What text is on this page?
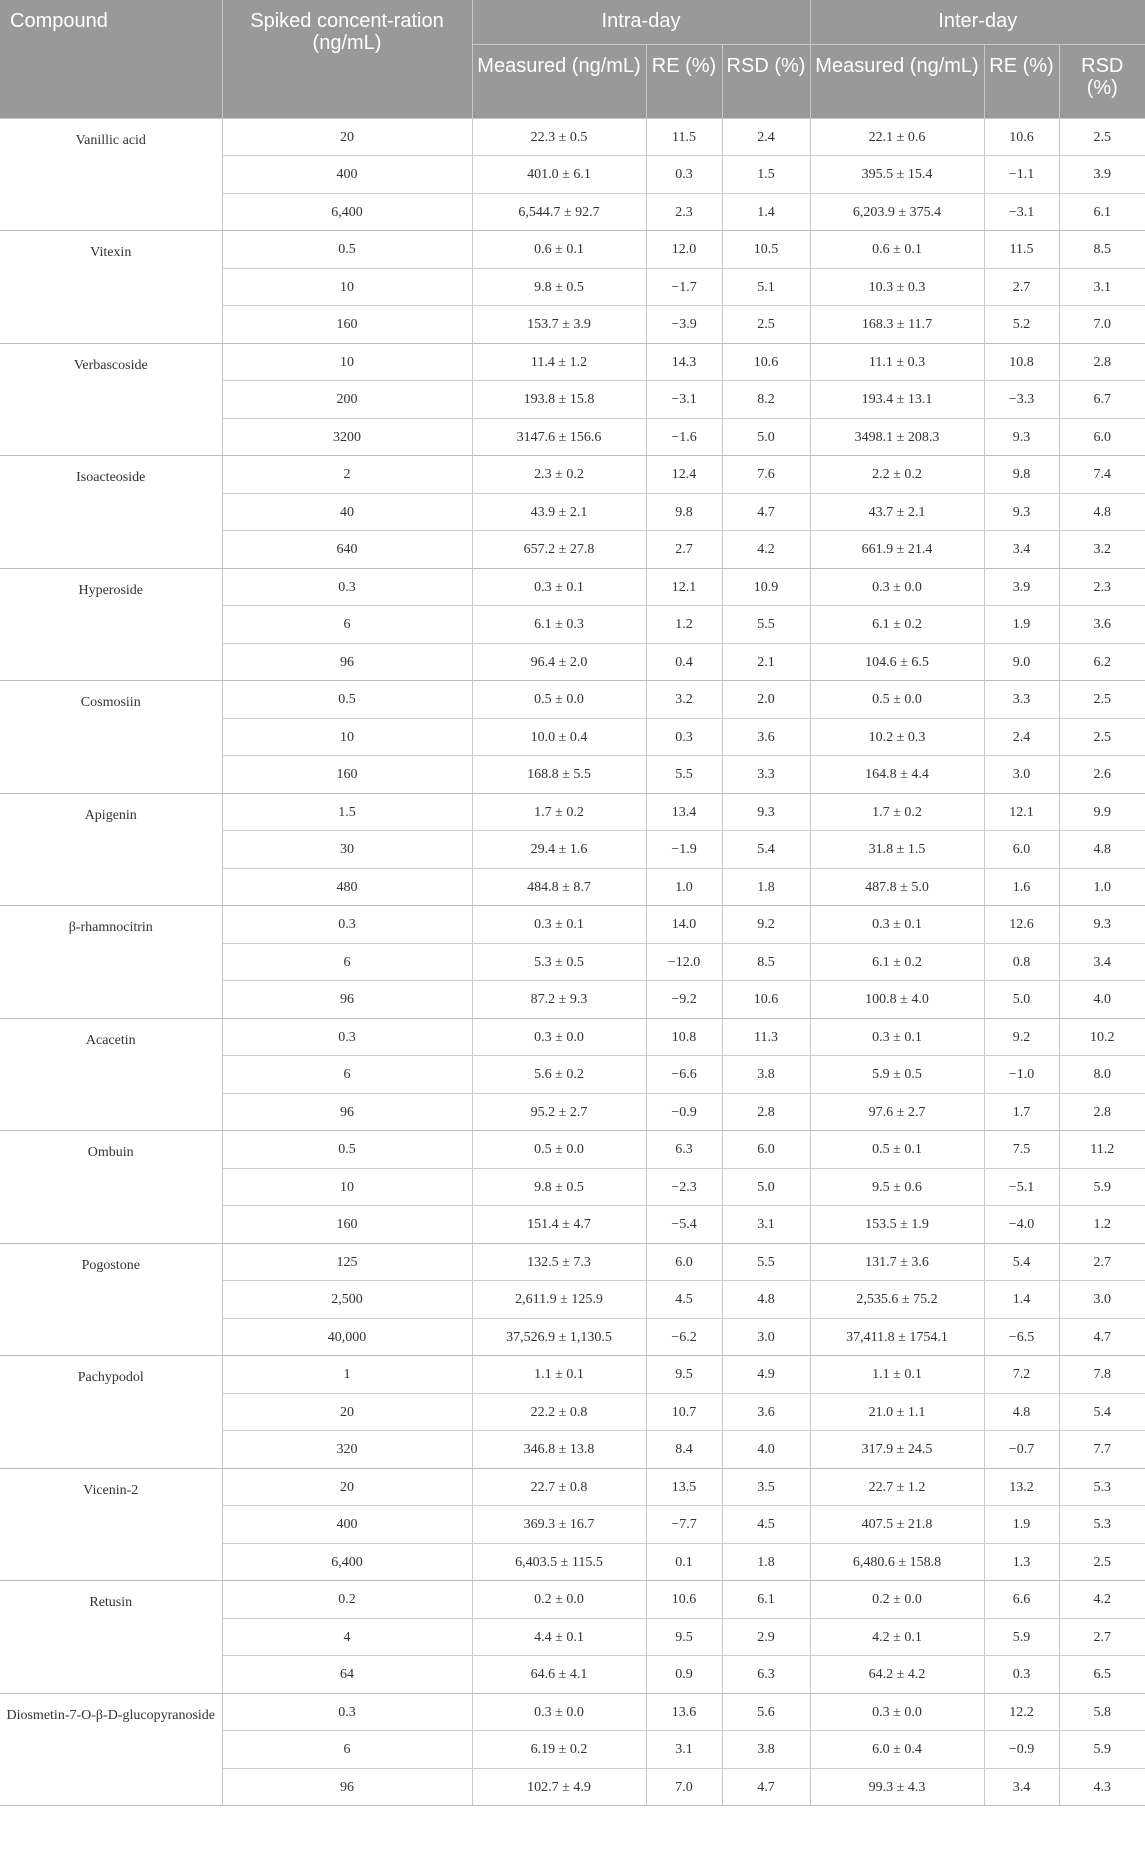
Compound	Spiked concent-ration (ng/mL)	Intra-day			Inter-day		
		Measured (ng/mL)	RE (%)	RSD (%)	Measured (ng/mL)	RE (%)	RSD (%)
Vanillic acid	20	22.3 ± 0.5	11.5	2.4	22.1 ± 0.6	10.6	2.5
	400	401.0 ± 6.1	0.3	1.5	395.5 ± 15.4	−1.1	3.9
	6,400	6,544.7 ± 92.7	2.3	1.4	6,203.9 ± 375.4	−3.1	6.1
Vitexin	0.5	0.6 ± 0.1	12.0	10.5	0.6 ± 0.1	11.5	8.5
	10	9.8 ± 0.5	−1.7	5.1	10.3 ± 0.3	2.7	3.1
	160	153.7 ± 3.9	−3.9	2.5	168.3 ± 11.7	5.2	7.0
Verbascoside	10	11.4 ± 1.2	14.3	10.6	11.1 ± 0.3	10.8	2.8
	200	193.8 ± 15.8	−3.1	8.2	193.4 ± 13.1	−3.3	6.7
	3200	3147.6 ± 156.6	−1.6	5.0	3498.1 ± 208.3	9.3	6.0
Isoacteoside	2	2.3 ± 0.2	12.4	7.6	2.2 ± 0.2	9.8	7.4
	40	43.9 ± 2.1	9.8	4.7	43.7 ± 2.1	9.3	4.8
	640	657.2 ± 27.8	2.7	4.2	661.9 ± 21.4	3.4	3.2
Hyperoside	0.3	0.3 ± 0.1	12.1	10.9	0.3 ± 0.0	3.9	2.3
	6	6.1 ± 0.3	1.2	5.5	6.1 ± 0.2	1.9	3.6
	96	96.4 ± 2.0	0.4	2.1	104.6 ± 6.5	9.0	6.2
Cosmosiin	0.5	0.5 ± 0.0	3.2	2.0	0.5 ± 0.0	3.3	2.5
	10	10.0 ± 0.4	0.3	3.6	10.2 ± 0.3	2.4	2.5
	160	168.8 ± 5.5	5.5	3.3	164.8 ± 4.4	3.0	2.6
Apigenin	1.5	1.7 ± 0.2	13.4	9.3	1.7 ± 0.2	12.1	9.9
	30	29.4 ± 1.6	−1.9	5.4	31.8 ± 1.5	6.0	4.8
	480	484.8 ± 8.7	1.0	1.8	487.8 ± 5.0	1.6	1.0
β-rhamnocitrin	0.3	0.3 ± 0.1	14.0	9.2	0.3 ± 0.1	12.6	9.3
	6	5.3 ± 0.5	−12.0	8.5	6.1 ± 0.2	0.8	3.4
	96	87.2 ± 9.3	−9.2	10.6	100.8 ± 4.0	5.0	4.0
Acacetin	0.3	0.3 ± 0.0	10.8	11.3	0.3 ± 0.1	9.2	10.2
	6	5.6 ± 0.2	−6.6	3.8	5.9 ± 0.5	−1.0	8.0
	96	95.2 ± 2.7	−0.9	2.8	97.6 ± 2.7	1.7	2.8
Ombuin	0.5	0.5 ± 0.0	6.3	6.0	0.5 ± 0.1	7.5	11.2
	10	9.8 ± 0.5	−2.3	5.0	9.5 ± 0.6	−5.1	5.9
	160	151.4 ± 4.7	−5.4	3.1	153.5 ± 1.9	−4.0	1.2
Pogostone	125	132.5 ± 7.3	6.0	5.5	131.7 ± 3.6	5.4	2.7
	2,500	2,611.9 ± 125.9	4.5	4.8	2,535.6 ± 75.2	1.4	3.0
	40,000	37,526.9 ± 1,130.5	−6.2	3.0	37,411.8 ± 1754.1	−6.5	4.7
Pachypodol	1	1.1 ± 0.1	9.5	4.9	1.1 ± 0.1	7.2	7.8
	20	22.2 ± 0.8	10.7	3.6	21.0 ± 1.1	4.8	5.4
	320	346.8 ± 13.8	8.4	4.0	317.9 ± 24.5	−0.7	7.7
Vicenin-2	20	22.7 ± 0.8	13.5	3.5	22.7 ± 1.2	13.2	5.3
	400	369.3 ± 16.7	−7.7	4.5	407.5 ± 21.8	1.9	5.3
	6,400	6,403.5 ± 115.5	0.1	1.8	6,480.6 ± 158.8	1.3	2.5
Retusin	0.2	0.2 ± 0.0	10.6	6.1	0.2 ± 0.0	6.6	4.2
	4	4.4 ± 0.1	9.5	2.9	4.2 ± 0.1	5.9	2.7
	64	64.6 ± 4.1	0.9	6.3	64.2 ± 4.2	0.3	6.5
Diosmetin-7-O-β-D-glucopyranoside	0.3	0.3 ± 0.0	13.6	5.6	0.3 ± 0.0	12.2	5.8
	6	6.19 ± 0.2	3.1	3.8	6.0 ± 0.4	−0.9	5.9
	96	102.7 ± 4.9	7.0	4.7	99.3 ± 4.3	3.4	4.3
